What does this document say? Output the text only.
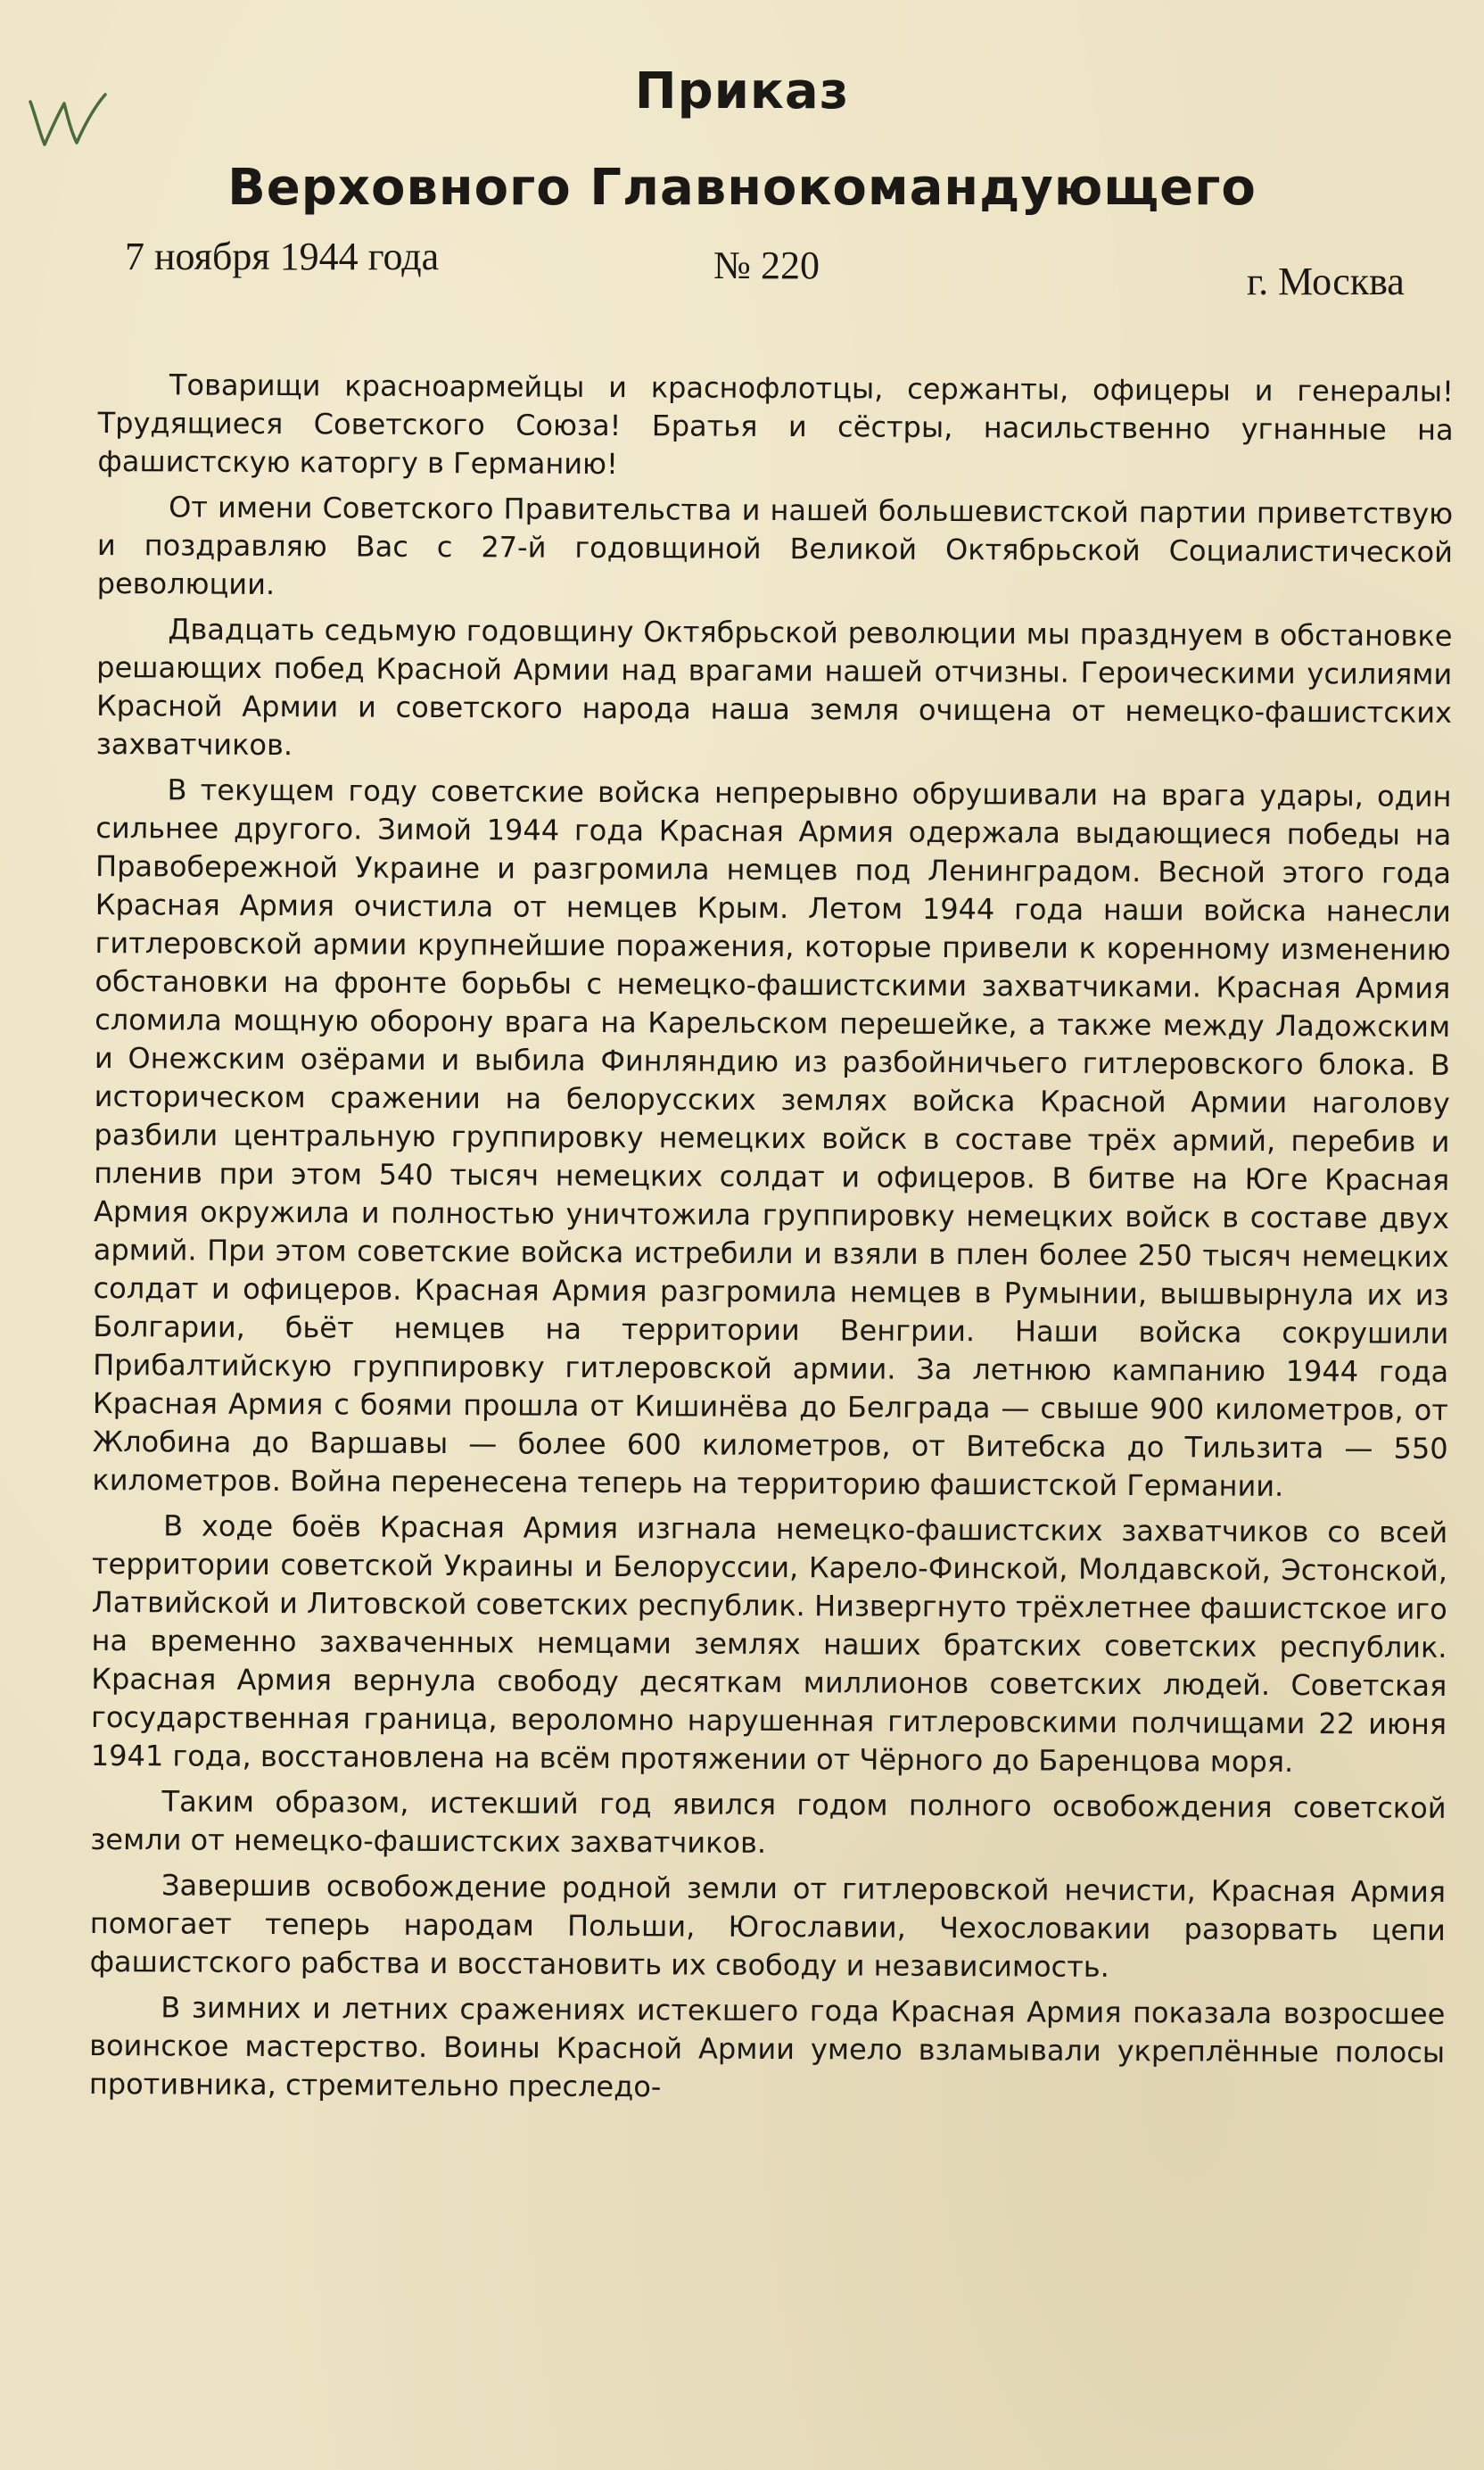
Приказ
Верховного Главнокомандующего
7 ноября 1944 года	№ 220	г. Москва

Товарищи красноармейцы и краснофлотцы, сержанты, офицеры и генералы! Трудящиеся Советского Союза! Братья и сёстры, насильственно угнанные на фашистскую каторгу в Германию!

От имени Советского Правительства и нашей большевистской партии приветствую и поздравляю Вас с 27-й годовщиной Великой Октябрьской Социалистической революции.

Двадцать седьмую годовщину Октябрьской революции мы празднуем в обстановке решающих побед Красной Армии над врагами нашей отчизны. Героическими усилиями Красной Армии и советского народа наша земля очищена от немецко-фашистских захватчиков.

В текущем году советские войска непрерывно обрушивали на врага удары, один сильнее другого. Зимой 1944 года Красная Армия одержала выдающиеся победы на Правобережной Украине и разгромила немцев под Ленинградом. Весной этого года Красная Армия очистила от немцев Крым. Летом 1944 года наши войска нанесли гитлеровской армии крупнейшие поражения, которые привели к коренному изменению обстановки на фронте борьбы с немецко-фашистскими захватчиками. Красная Армия сломила мощную оборону врага на Карельском перешейке, а также между Ладожским и Онежским озёрами и выбила Финляндию из разбойничьего гитлеровского блока. В историческом сражении на белорусских землях войска Красной Армии наголову разбили центральную группировку немецких войск в составе трёх армий, перебив и пленив при этом 540 тысяч немецких солдат и офицеров. В битве на Юге Красная Армия окружила и полностью уничтожила группировку немецких войск в составе двух армий. При этом советские войска истребили и взяли в плен более 250 тысяч немецких солдат и офицеров. Красная Армия разгромила немцев в Румынии, вышвырнула их из Болгарии, бьёт немцев на территории Венгрии. Наши войска сокрушили Прибалтийскую группировку гитлеровской армии. За летнюю кампанию 1944 года Красная Армия с боями прошла от Кишинёва до Белграда — свыше 900 километров, от Жлобина до Варшавы — более 600 километров, от Витебска до Тильзита — 550 километров. Война перенесена теперь на территорию фашистской Германии.

В ходе боёв Красная Армия изгнала немецко-фашистских захватчиков со всей территории советской Украины и Белоруссии, Карело-Финской, Молдавской, Эстонской, Латвийской и Литовской советских республик. Низвергнуто трёхлетнее фашистское иго на временно захваченных немцами землях наших братских советских республик. Красная Армия вернула свободу десяткам миллионов советских людей. Советская государственная граница, вероломно нарушенная гитлеровскими полчищами 22 июня 1941 года, восстановлена на всём протяжении от Чёрного до Баренцова моря.

Таким образом, истекший год явился годом полного освобождения советской земли от немецко-фашистских захватчиков.

Завершив освобождение родной земли от гитлеровской нечисти, Красная Армия помогает теперь народам Польши, Югославии, Чехословакии разорвать цепи фашистского рабства и восстановить их свободу и независимость.

В зимних и летних сражениях истекшего года Красная Армия показала возросшее воинское мастерство. Воины Красной Армии умело взламывали укреплённые полосы противника, стремительно преследо-
